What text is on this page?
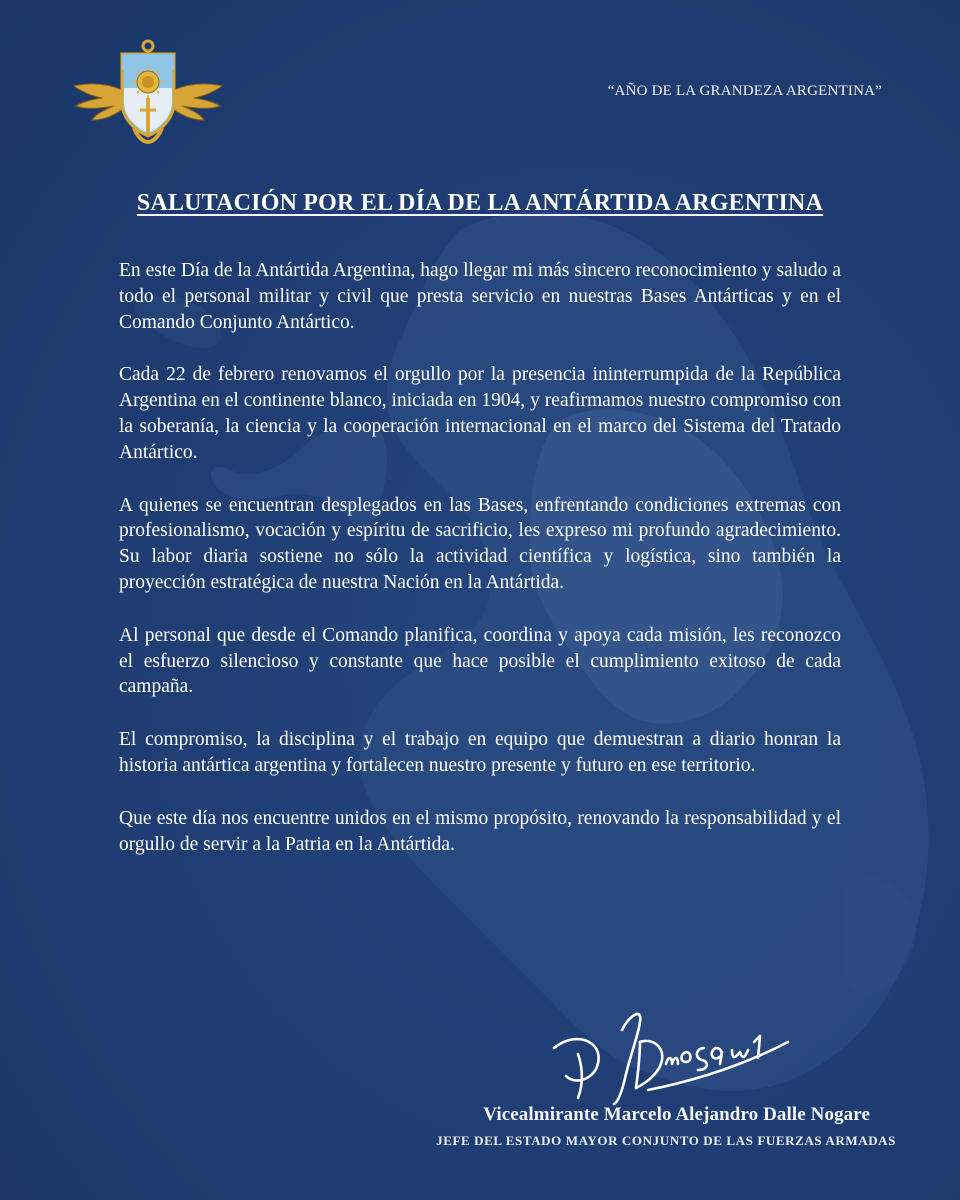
“AÑO DE LA GRANDEZA ARGENTINA”
SALUTACIÓN POR EL DÍA DE LA ANTÁRTIDA ARGENTINA

En este Día de la Antártida Argentina, hago llegar mi más sincero reconocimiento y saludo a todo el personal militar y civil que presta servicio en nuestras Bases Antárticas y en el Comando Conjunto Antártico.

Cada 22 de febrero renovamos el orgullo por la presencia ininterrumpida de la República Argentina en el continente blanco, iniciada en 1904, y reafirmamos nuestro compromiso con la soberanía, la ciencia y la cooperación internacional en el marco del Sistema del Tratado Antártico.

A quienes se encuentran desplegados en las Bases, enfrentando condiciones extremas con profesionalismo, vocación y espíritu de sacrificio, les expreso mi profundo agradecimiento. Su labor diaria sostiene no sólo la actividad científica y logística, sino también la proyección estratégica de nuestra Nación en la Antártida.

Al personal que desde el Comando planifica, coordina y apoya cada misión, les reconozco el esfuerzo silencioso y constante que hace posible el cumplimiento exitoso de cada campaña.

El compromiso, la disciplina y el trabajo en equipo que demuestran a diario honran la historia antártica argentina y fortalecen nuestro presente y futuro en ese territorio.

Que este día nos encuentre unidos en el mismo propósito, renovando la responsabilidad y el orgullo de servir a la Patria en la Antártida.

Vicealmirante Marcelo Alejandro Dalle Nogare
JEFE DEL ESTADO MAYOR CONJUNTO DE LAS FUERZAS ARMADAS
